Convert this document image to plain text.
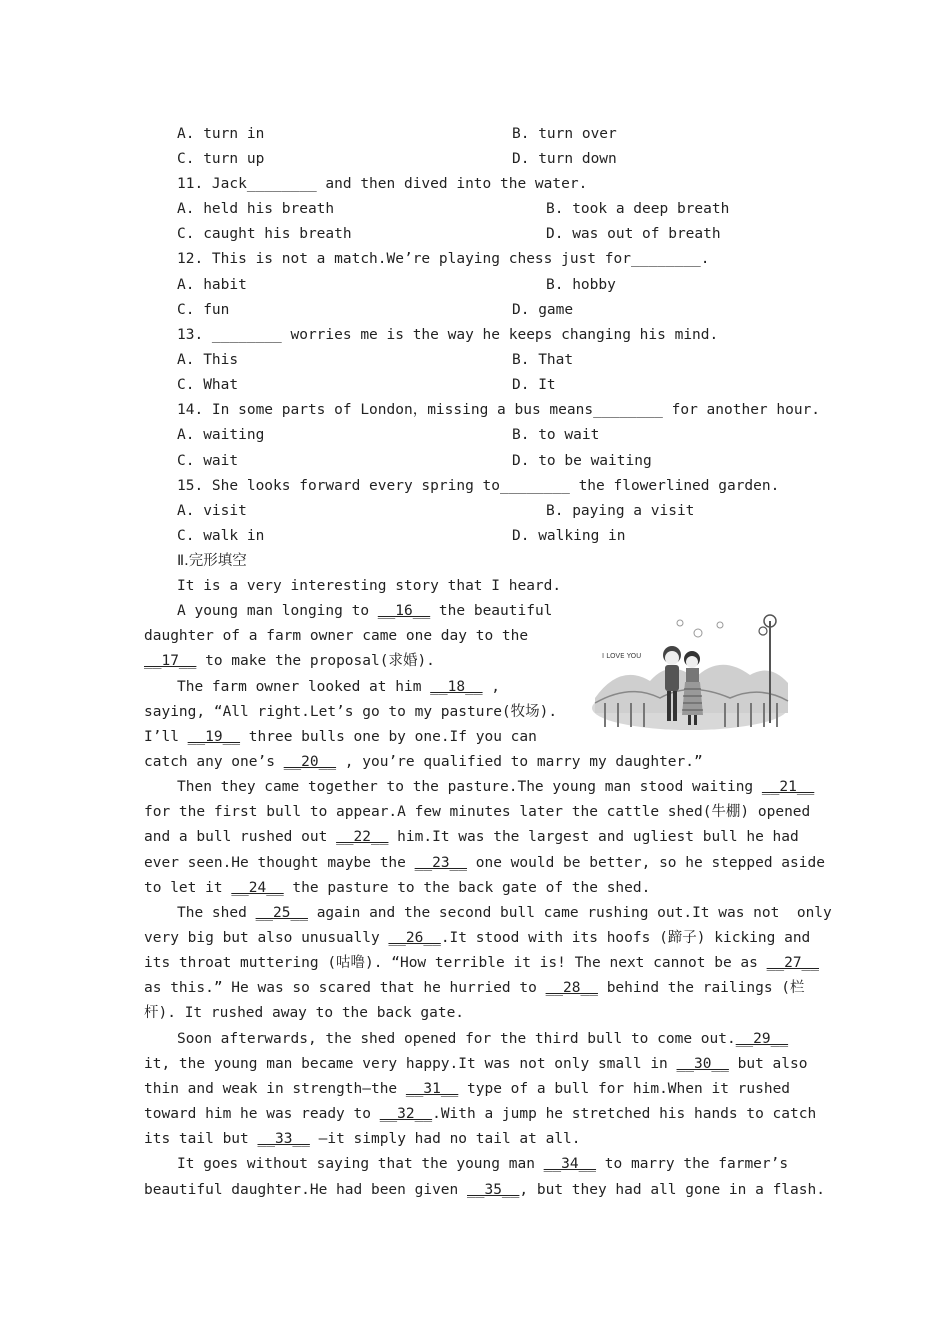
A. turn in	B. turn over
C. turn up	D. turn down
11. Jack________ and then dived into the water.
A. held his breath	B. took a deep breath
C. caught his breath	D. was out of breath
12. This is not a match.We’re playing chess just for________.
A. habit	B. hobby
C. fun	D. game
13. ________ worries me is the way he keeps changing his mind.
A. This	B. That
C. What	D. It
14. In some parts of London，missing a bus means________ for another hour.
A. waiting	B. to wait
C. wait	D. to be waiting
15. She looks forward every spring to________ the flowerlined garden.
A. visit	B. paying a visit
C. walk in	D. walking in
Ⅱ.完形填空
I LOVE YOU
It is a very interesting story that I heard.
A young man longing to __16__ the beautiful
daughter of a farm owner came one day to the
__17__ to make the proposal(求婚).
The farm owner looked at him __18__ ,
saying, “All right.Let’s go to my pasture(牧场).
I’ll __19__ three bulls one by one.If you can
catch any one’s __20__ , you’re qualified to marry my daughter.”
Then they came together to the pasture.The young man stood waiting __21__
for the first bull to appear.A few minutes later the cattle shed(牛棚) opened
and a bull rushed out __22__ him.It was the largest and ugliest bull he had
ever seen.He thought maybe the __23__ one would be better, so he stepped aside
to let it __24__ the pasture to the back gate of the shed.
The shed __25__ again and the second bull came rushing out.It was not  only
very big but also unusually __26__.It stood with its hoofs (蹄子) kicking and
its throat muttering (咕噜). “How terrible it is! The next cannot be as __27__
as this.” He was so scared that he hurried to __28__ behind the railings (栏
杆). It rushed away to the back gate.
Soon afterwards, the shed opened for the third bull to come out.__29__
it, the young man became very happy.It was not only small in __30__ but also
thin and weak in strength—the __31__ type of a bull for him.When it rushed
toward him he was ready to __32__.With a jump he stretched his hands to catch
its tail but __33__ —it simply had no tail at all.
It goes without saying that the young man __34__ to marry the farmer’s
beautiful daughter.He had been given __35__, but they had all gone in a flash.
